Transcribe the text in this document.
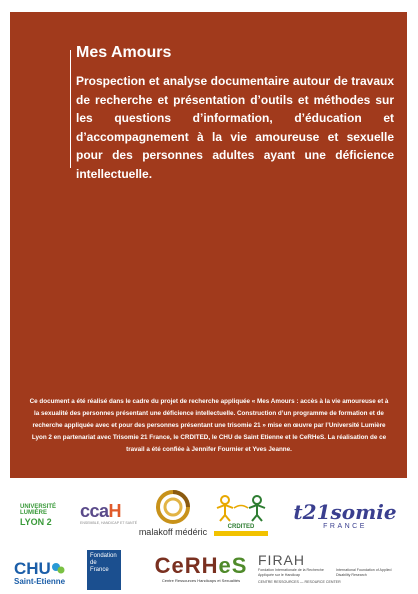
Mes Amours

Prospection et analyse documentaire autour de travaux de recherche et présentation d’outils et méthodes sur les questions d’information, d’éducation et d’accompagnement à la vie amoureuse et sexuelle pour des personnes adultes ayant une déficience intellectuelle.

Ce document a été réalisé dans le cadre du projet de recherche appliquée « Mes Amours : accès à la vie amoureuse et à la sexualité des personnes présentant une déficience intellectuelle. Construction d’un programme de formation et de recherche appliquée avec et pour des personnes présentant une trisomie 21 » mise en œuvre par l’Université Lumière Lyon 2 en partenariat avec Trisomie 21 France, le CRDITED, le CHU de Saint Etienne et le CeRHeS. La réalisation de ce travail a été confiée à Jennifer Fournier et Yves Jeanne.

UNIVERSITÉ
LUMIÈRE
LYON 2
ccaH
ENSEMBLE, HANDICAP ET SANTÉ
malakoff médéric	CRDITED
t21somie
FRANCE
CHU
Saint-Etienne
Fondation
de
France CeRHeS
Centre Ressources Handicaps et Sexualités
FIRAH
Fondation Internationale de la Recherche Appliquée sur le Handicap
International Foundation of Applied Disability Research
CENTRE RESSOURCES — RESOURCE CENTER
